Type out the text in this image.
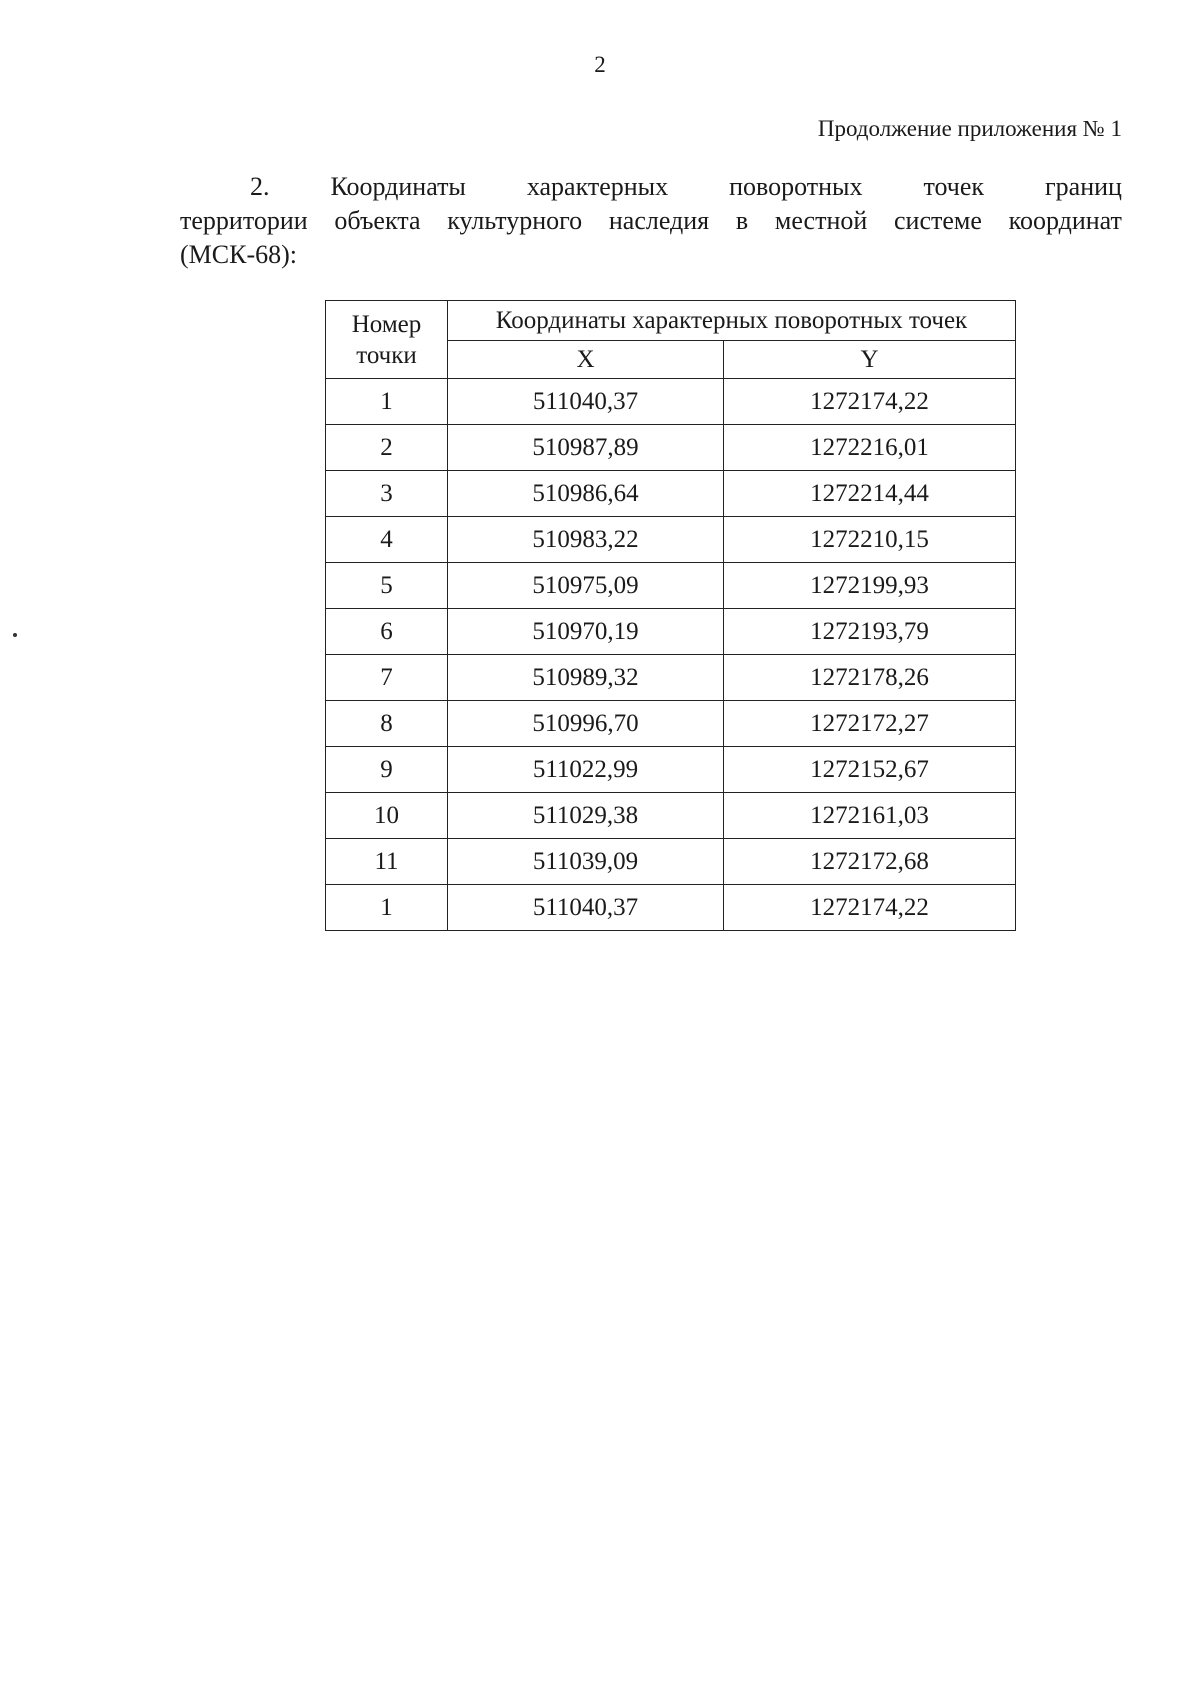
2
Продолжение приложения № 1
2. Координаты характерных поворотных точек границ
территории объекта культурного наследия в местной системе координат
(МСК-68):
Номер
точки	Координаты характерных поворотных точек	
	X	Y
1	511040,37	1272174,22
2	510987,89	1272216,01
3	510986,64	1272214,44
4	510983,22	1272210,15
5	510975,09	1272199,93
6	510970,19	1272193,79
7	510989,32	1272178,26
8	510996,70	1272172,27
9	511022,99	1272152,67
10	511029,38	1272161,03
11	511039,09	1272172,68
1	511040,37	1272174,22
